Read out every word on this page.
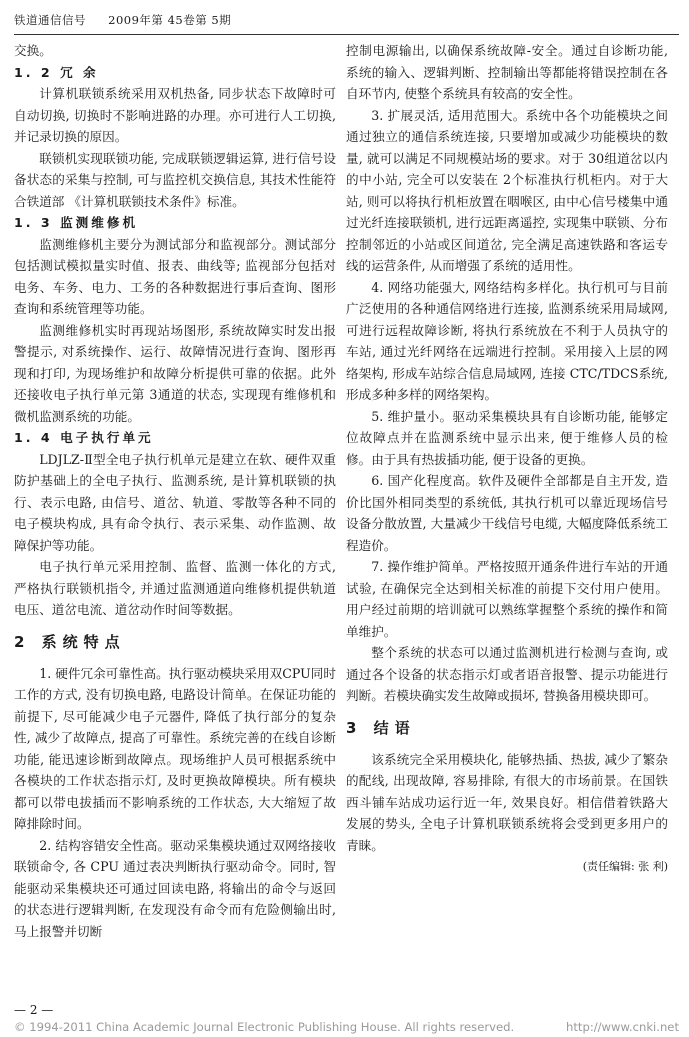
铁道通信信号 2009年第 45卷第 5期

交换。

1. 2 冗 余

计算机联锁系统采用双机热备, 同步状态下故障时可自动切换, 切换时不影响进路的办理。亦可进行人工切换, 并记录切换的原因。

联锁机实现联锁功能, 完成联锁逻辑运算, 进行信号设备状态的采集与控制, 可与监控机交换信息, 其技术性能符合铁道部 《计算机联锁技术条件》标准。

1. 3 监测维修机

监测维修机主要分为测试部分和监视部分。测试部分包括测试模拟量实时值、报表、曲线等; 监视部分包括对电务、车务、电力、工务的各种数据进行事后查询、图形查询和系统管理等功能。

监测维修机实时再现站场图形, 系统故障实时发出报警提示, 对系统操作、运行、故障情况进行查询、图形再现和打印, 为现场维护和故障分析提供可靠的依据。此外还接收电子执行单元第 3通道的状态, 实现现有维修机和微机监测系统的功能。

1. 4 电子执行单元

LDJLZ-Ⅱ型全电子执行机单元是建立在软、硬件双重防护基础上的全电子执行、监测系统, 是计算机联锁的执行、表示电路, 由信号、道岔、轨道、零散等各种不同的电子模块构成, 具有命令执行、表示采集、动作监测、故障保护等功能。

电子执行单元采用控制、监督、监测一体化的方式, 严格执行联锁机指令, 并通过监测通道向维修机提供轨道电压、道岔电流、道岔动作时间等数据。

2 系统特点

1. 硬件冗余可靠性高。执行驱动模块采用双CPU同时工作的方式, 没有切换电路, 电路设计简单。在保证功能的前提下, 尽可能减少电子元器件, 降低了执行部分的复杂性, 减少了故障点, 提高了可靠性。系统完善的在线自诊断功能, 能迅速诊断到故障点。现场维护人员可根据系统中各模块的工作状态指示灯, 及时更换故障模块。所有模块都可以带电拔插而不影响系统的工作状态, 大大缩短了故障排除时间。

2. 结构容错安全性高。驱动采集模块通过双网络接收联锁命令, 各 CPU 通过表决判断执行驱动命令。同时, 智能驱动采集模块还可通过回读电路, 将输出的命令与返回的状态进行逻辑判断, 在发现没有命令而有危险侧输出时, 马上报警并切断

控制电源输出, 以确保系统故障-安全。通过自诊断功能, 系统的输入、逻辑判断、控制输出等都能将错误控制在各自环节内, 使整个系统具有较高的安全性。

3. 扩展灵活, 适用范围大。系统中各个功能模块之间通过独立的通信系统连接, 只要增加或减少功能模块的数量, 就可以满足不同规模站场的要求。对于 30组道岔以内的中小站, 完全可以安装在 2个标准执行机柜内。对于大站, 则可以将执行机柜放置在咽喉区, 由中心信号楼集中通过光纤连接联锁机, 进行远距离遥控, 实现集中联锁、分布控制邻近的小站或区间道岔, 完全满足高速铁路和客运专线的运营条件, 从而增强了系统的适用性。

4. 网络功能强大, 网络结构多样化。执行机可与目前广泛使用的各种通信网络进行连接, 监测系统采用局域网, 可进行远程故障诊断, 将执行系统放在不利于人员执守的车站, 通过光纤网络在远端进行控制。采用接入上层的网络架构, 形成车站综合信息局域网, 连接 CTC/TDCS系统, 形成多种多样的网络架构。

5. 维护量小。驱动采集模块具有自诊断功能, 能够定位故障点并在监测系统中显示出来, 便于维修人员的检修。由于具有热拔插功能, 便于设备的更换。

6. 国产化程度高。软件及硬件全部都是自主开发, 造价比国外相同类型的系统低, 其执行机可以靠近现场信号设备分散放置, 大量减少干线信号电缆, 大幅度降低系统工程造价。

7. 操作维护简单。严格按照开通条件进行车站的开通试验, 在确保完全达到相关标准的前提下交付用户使用。用户经过前期的培训就可以熟练掌握整个系统的操作和简单维护。

整个系统的状态可以通过监测机进行检测与查询, 或通过各个设备的状态指示灯或者语音报警、提示功能进行判断。若模块确实发生故障或损坏, 替换备用模块即可。

3 结语

该系统完全采用模块化, 能够热插、热拔, 减少了繁杂的配线, 出现故障, 容易排除, 有很大的市场前景。在国铁西斗铺车站成功运行近一年, 效果良好。相信借着铁路大发展的势头, 全电子计算机联锁系统将会受到更多用户的青睐。

(责任编辑: 张 利)

— 2 —
© 1994-2011 China Academic Journal Electronic Publishing House. All rights reserved.	http://www.cnki.net
